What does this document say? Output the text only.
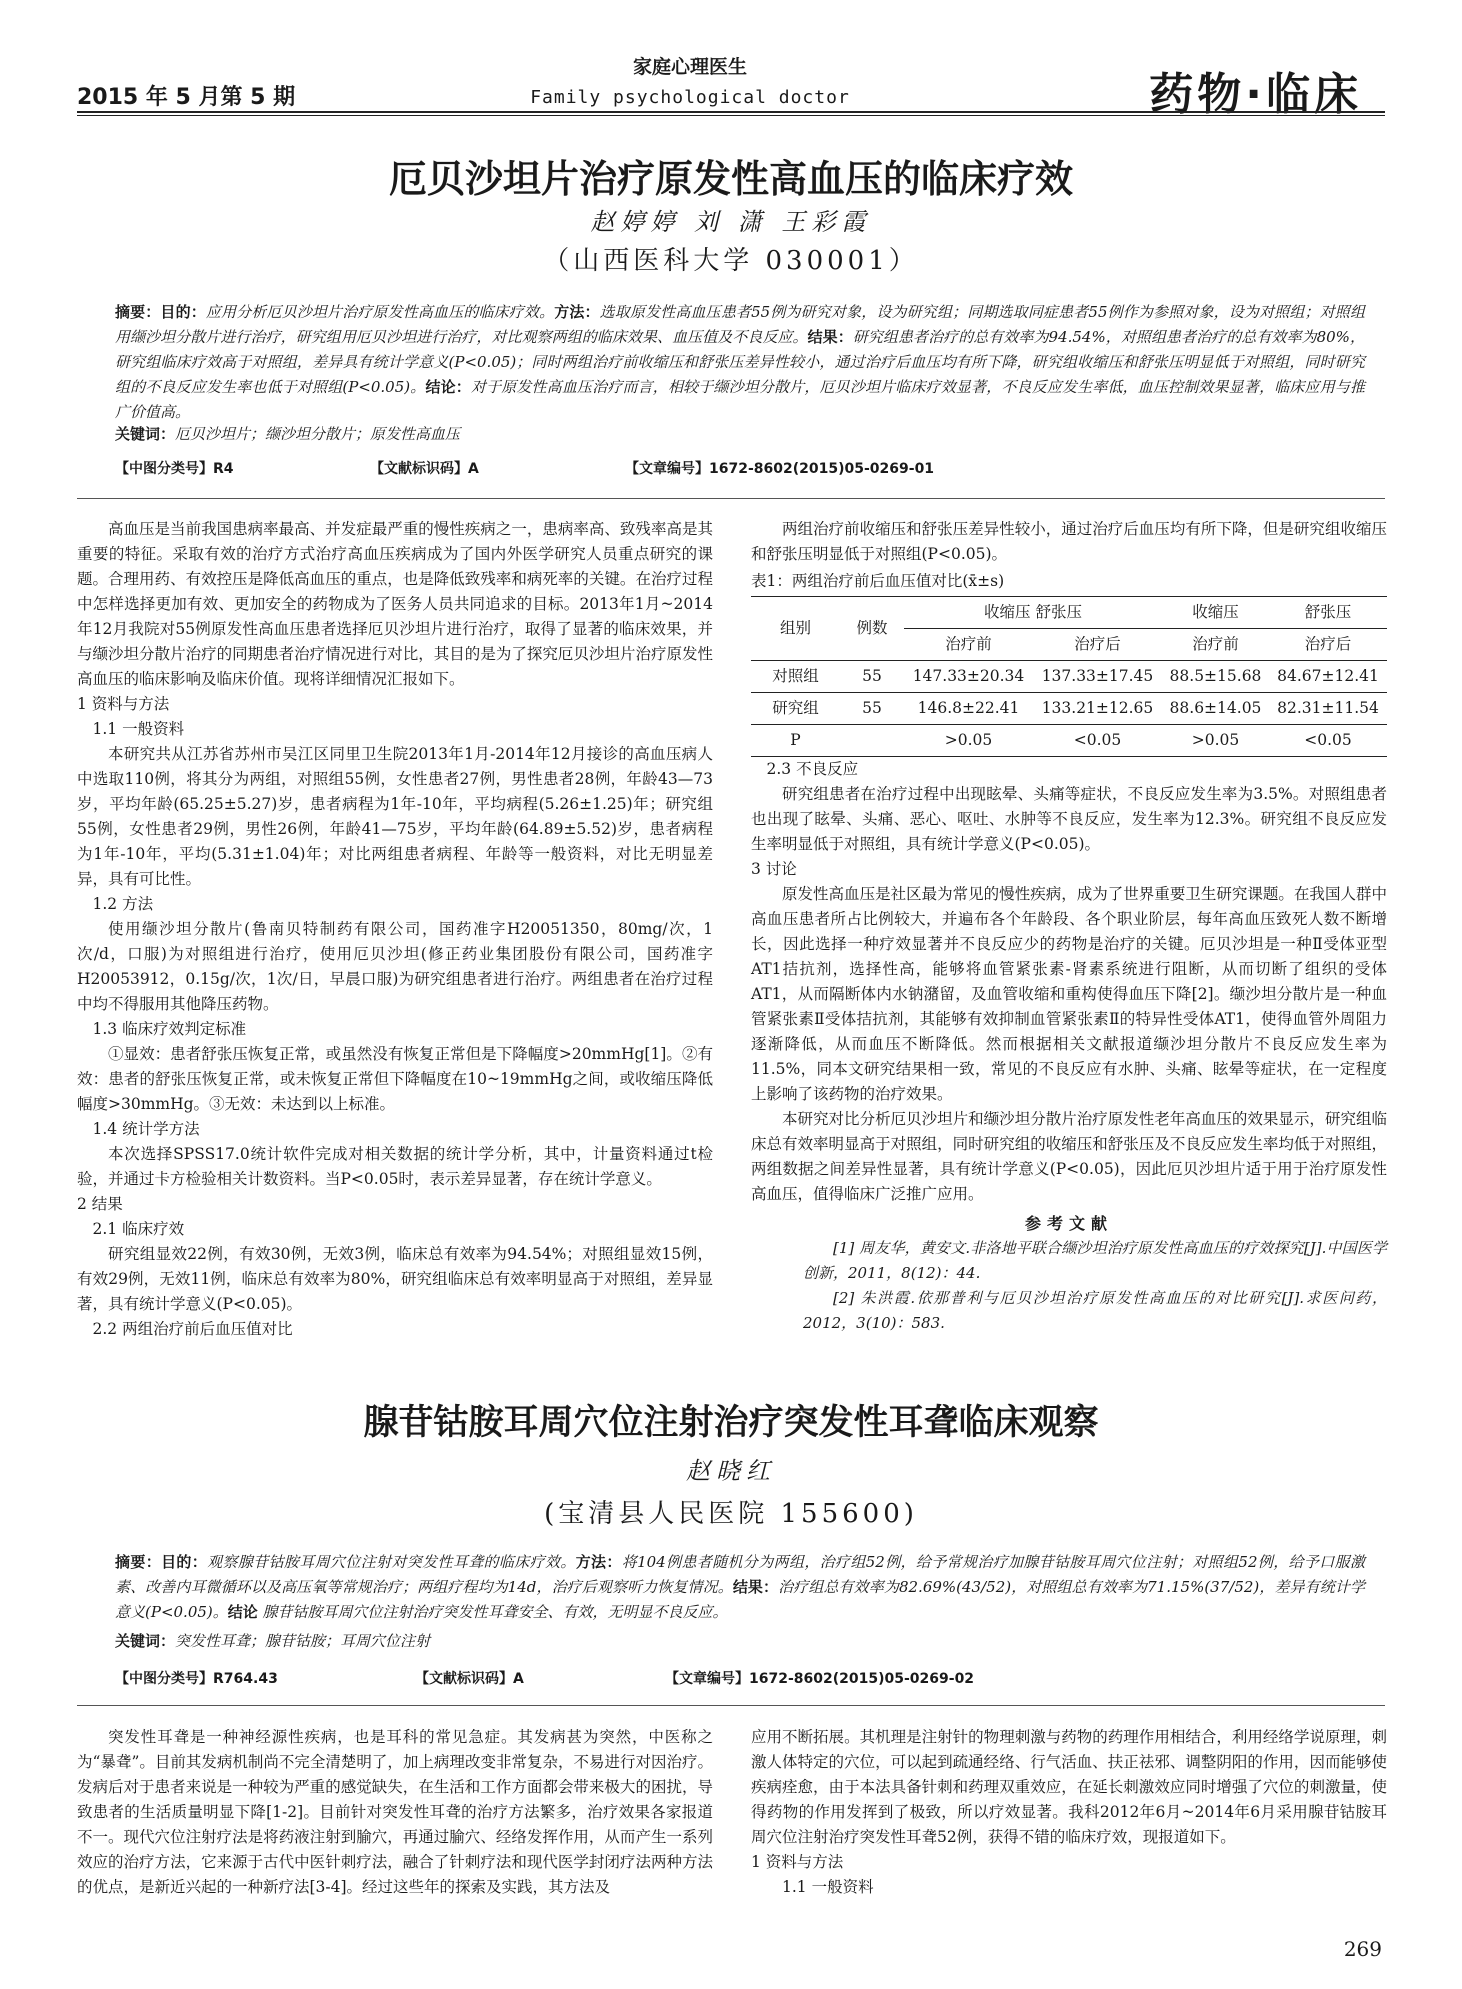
2015 年 5 月第 5 期
家庭心理医生
Family psychological doctor	药物·临床
厄贝沙坦片治疗原发性高血压的临床疗效
赵婷婷 刘 潇 王彩霞
（山西医科大学 030001）
摘要：目的：应用分析厄贝沙坦片治疗原发性高血压的临床疗效。方法：选取原发性高血压患者55例为研究对象，设为研究组；同期选取同症患者55例作为参照对象，设为对照组；对照组用缬沙坦分散片进行治疗，研究组用厄贝沙坦进行治疗，对比观察两组的临床效果、血压值及不良反应。结果：研究组患者治疗的总有效率为94.54%，对照组患者治疗的总有效率为80%，研究组临床疗效高于对照组，差异具有统计学意义(P<0.05)；同时两组治疗前收缩压和舒张压差异性较小，通过治疗后血压均有所下降，研究组收缩压和舒张压明显低于对照组，同时研究组的不良反应发生率也低于对照组(P<0.05)。结论：对于原发性高血压治疗而言，相较于缬沙坦分散片，厄贝沙坦片临床疗效显著，不良反应发生率低，血压控制效果显著，临床应用与推广价值高。
关键词：厄贝沙坦片；缬沙坦分散片；原发性高血压
【中图分类号】R4	【文献标识码】A	【文章编号】1672-8602(2015)05-0269-01

高血压是当前我国患病率最高、并发症最严重的慢性疾病之一，患病率高、致残率高是其重要的特征。采取有效的治疗方式治疗高血压疾病成为了国内外医学研究人员重点研究的课题。合理用药、有效控压是降低高血压的重点，也是降低致残率和病死率的关键。在治疗过程中怎样选择更加有效、更加安全的药物成为了医务人员共同追求的目标。2013年1月~2014年12月我院对55例原发性高血压患者选择厄贝沙坦片进行治疗，取得了显著的临床效果，并与缬沙坦分散片治疗的同期患者治疗情况进行对比，其目的是为了探究厄贝沙坦片治疗原发性高血压的临床影响及临床价值。现将详细情况汇报如下。

1 资料与方法
1.1 一般资料

本研究共从江苏省苏州市吴江区同里卫生院2013年1月-2014年12月接诊的高血压病人中选取110例，将其分为两组，对照组55例，女性患者27例，男性患者28例，年龄43—73岁，平均年龄(65.25±5.27)岁，患者病程为1年-10年，平均病程(5.26±1.25)年；研究组55例，女性患者29例，男性26例，年龄41—75岁，平均年龄(64.89±5.52)岁，患者病程为1年-10年，平均(5.31±1.04)年；对比两组患者病程、年龄等一般资料，对比无明显差异，具有可比性。

1.2 方法

使用缬沙坦分散片(鲁南贝特制药有限公司，国药准字H20051350，80mg/次，1次/d，口服)为对照组进行治疗，使用厄贝沙坦(修正药业集团股份有限公司，国药准字H20053912，0.15g/次，1次/日，早晨口服)为研究组患者进行治疗。两组患者在治疗过程中均不得服用其他降压药物。

1.3 临床疗效判定标准

①显效：患者舒张压恢复正常，或虽然没有恢复正常但是下降幅度>20mmHg[1]。②有效：患者的舒张压恢复正常，或未恢复正常但下降幅度在10~19mmHg之间，或收缩压降低幅度>30mmHg。③无效：未达到以上标准。

1.4 统计学方法

本次选择SPSS17.0统计软件完成对相关数据的统计学分析，其中，计量资料通过t检验，并通过卡方检验相关计数资料。当P<0.05时，表示差异显著，存在统计学意义。

2 结果
2.1 临床疗效

研究组显效22例，有效30例，无效3例，临床总有效率为94.54%；对照组显效15例，有效29例，无效11例，临床总有效率为80%，研究组临床总有效率明显高于对照组，差异显著，具有统计学意义(P<0.05)。

2.2 两组治疗前后血压值对比

两组治疗前收缩压和舒张压差异性较小，通过治疗后血压均有所下降，但是研究组收缩压和舒张压明显低于对照组(P<0.05)。

表1：两组治疗前后血压值对比(x̄±s)
组别	例数	收缩压 舒张压		收缩压	舒张压
		治疗前	治疗后	治疗前	治疗后
对照组	55	147.33±20.34	137.33±17.45	88.5±15.68	84.67±12.41
研究组	55	146.8±22.41	133.21±12.65	88.6±14.05	82.31±11.54
P		>0.05	<0.05	>0.05	<0.05
2.3 不良反应

研究组患者在治疗过程中出现眩晕、头痛等症状，不良反应发生率为3.5%。对照组患者也出现了眩晕、头痛、恶心、呕吐、水肿等不良反应，发生率为12.3%。研究组不良反应发生率明显低于对照组，具有统计学意义(P<0.05)。

3 讨论

原发性高血压是社区最为常见的慢性疾病，成为了世界重要卫生研究课题。在我国人群中高血压患者所占比例较大，并遍布各个年龄段、各个职业阶层，每年高血压致死人数不断增长，因此选择一种疗效显著并不良反应少的药物是治疗的关键。厄贝沙坦是一种Ⅱ受体亚型AT1拮抗剂，选择性高，能够将血管紧张素-肾素系统进行阻断，从而切断了组织的受体AT1，从而隔断体内水钠潴留，及血管收缩和重构使得血压下降[2]。缬沙坦分散片是一种血管紧张素Ⅱ受体拮抗剂，其能够有效抑制血管紧张素Ⅱ的特异性受体AT1，使得血管外周阻力逐渐降低，从而血压不断降低。然而根据相关文献报道缬沙坦分散片不良反应发生率为11.5%，同本文研究结果相一致，常见的不良反应有水肿、头痛、眩晕等症状，在一定程度上影响了该药物的治疗效果。

本研究对比分析厄贝沙坦片和缬沙坦分散片治疗原发性老年高血压的效果显示，研究组临床总有效率明显高于对照组，同时研究组的收缩压和舒张压及不良反应发生率均低于对照组，两组数据之间差异性显著，具有统计学意义(P<0.05)，因此厄贝沙坦片适于用于治疗原发性高血压，值得临床广泛推广应用。

参考文献

[1] 周友华，黄安文.非洛地平联合缬沙坦治疗原发性高血压的疗效探究[J].中国医学创新，2011，8(12)：44.

[2] 朱洪霞.依那普利与厄贝沙坦治疗原发性高血压的对比研究[J].求医问药，2012，3(10)：583.

腺苷钴胺耳周穴位注射治疗突发性耳聋临床观察
赵晓红
(宝清县人民医院 155600)
摘要：目的：观察腺苷钴胺耳周穴位注射对突发性耳聋的临床疗效。方法：将104例患者随机分为两组，治疗组52例，给予常规治疗加腺苷钴胺耳周穴位注射；对照组52例，给予口服激素、改善内耳微循环以及高压氧等常规治疗；两组疗程均为14d，治疗后观察听力恢复情况。结果：治疗组总有效率为82.69%(43/52)，对照组总有效率为71.15%(37/52)，差异有统计学意义(P<0.05)。结论 腺苷钴胺耳周穴位注射治疗突发性耳聋安全、有效，无明显不良反应。
关键词：突发性耳聋；腺苷钴胺；耳周穴位注射
【中图分类号】R764.43	【文献标识码】A	【文章编号】1672-8602(2015)05-0269-02

突发性耳聋是一种神经源性疾病，也是耳科的常见急症。其发病甚为突然，中医称之为“暴聋”。目前其发病机制尚不完全清楚明了，加上病理改变非常复杂，不易进行对因治疗。发病后对于患者来说是一种较为严重的感觉缺失，在生活和工作方面都会带来极大的困扰，导致患者的生活质量明显下降[1-2]。目前针对突发性耳聋的治疗方法繁多，治疗效果各家报道不一。现代穴位注射疗法是将药液注射到腧穴，再通过腧穴、经络发挥作用，从而产生一系列效应的治疗方法，它来源于古代中医针刺疗法，融合了针刺疗法和现代医学封闭疗法两种方法的优点，是新近兴起的一种新疗法[3-4]。经过这些年的探索及实践，其方法及

应用不断拓展。其机理是注射针的物理刺激与药物的药理作用相结合，利用经络学说原理，刺激人体特定的穴位，可以起到疏通经络、行气活血、扶正祛邪、调整阴阳的作用，因而能够使疾病痊愈，由于本法具备针刺和药理双重效应，在延长刺激效应同时增强了穴位的刺激量，使得药物的作用发挥到了极致，所以疗效显著。我科2012年6月~2014年6月采用腺苷钴胺耳周穴位注射治疗突发性耳聋52例，获得不错的临床疗效，现报道如下。

1 资料与方法
1.1 一般资料
269
